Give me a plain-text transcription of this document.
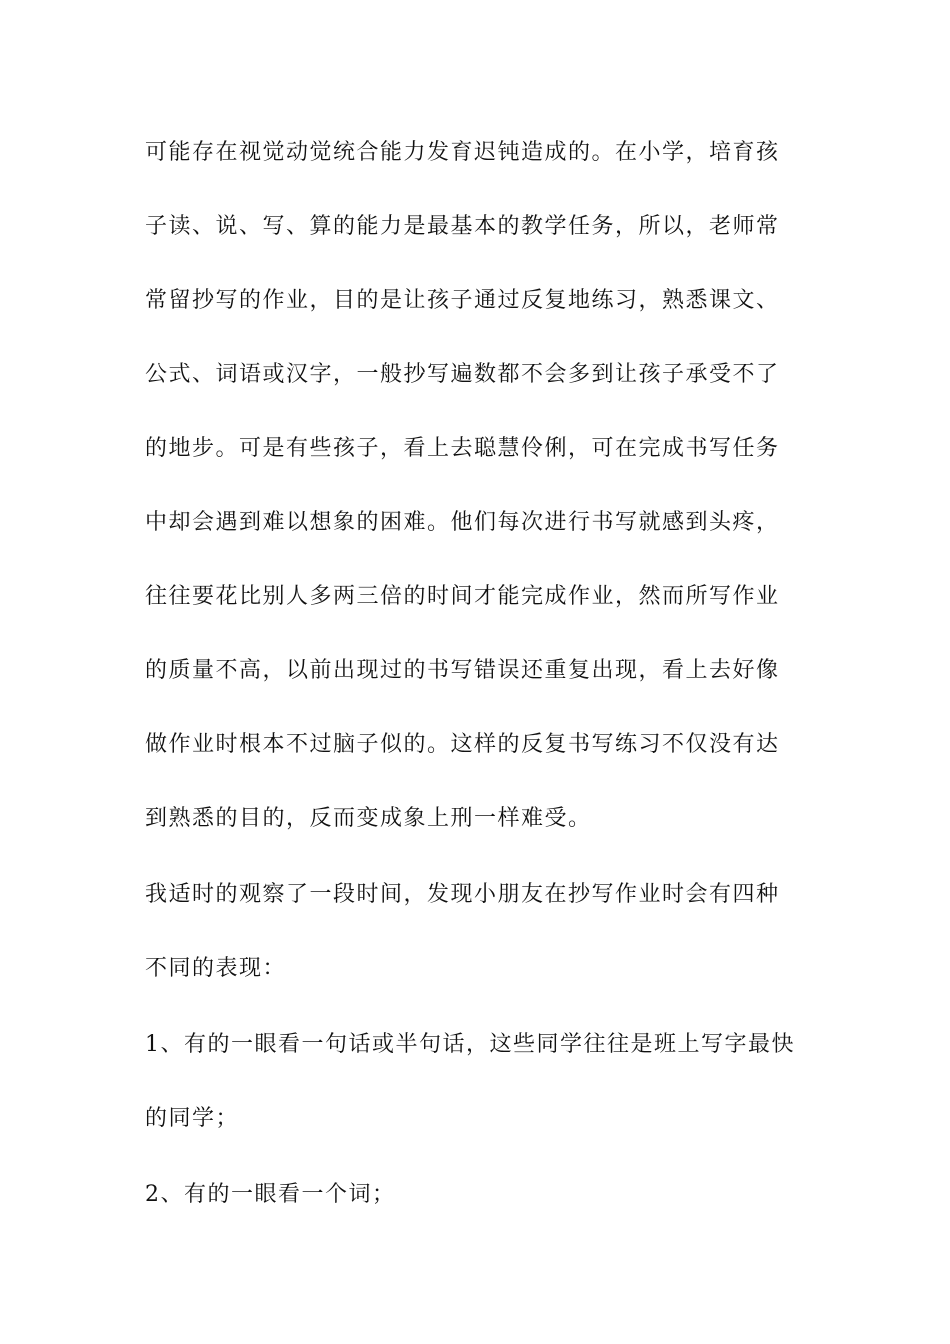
可能存在视觉动觉统合能力发育迟钝造成的。在小学，培育孩
子读、说、写、算的能力是最基本的教学任务，所以，老师常
常留抄写的作业，目的是让孩子通过反复地练习，熟悉课文、
公式、词语或汉字，一般抄写遍数都不会多到让孩子承受不了
的地步。可是有些孩子，看上去聪慧伶俐，可在完成书写任务
中却会遇到难以想象的困难。他们每次进行书写就感到头疼，
往往要花比别人多两三倍的时间才能完成作业，然而所写作业
的质量不高，以前出现过的书写错误还重复出现，看上去好像
做作业时根本不过脑子似的。这样的反复书写练习不仅没有达
到熟悉的目的，反而变成象上刑一样难受。
我适时的观察了一段时间，发现小朋友在抄写作业时会有四种
不同的表现：
1、有的一眼看一句话或半句话，这些同学往往是班上写字最快
的同学；
2、有的一眼看一个词；
